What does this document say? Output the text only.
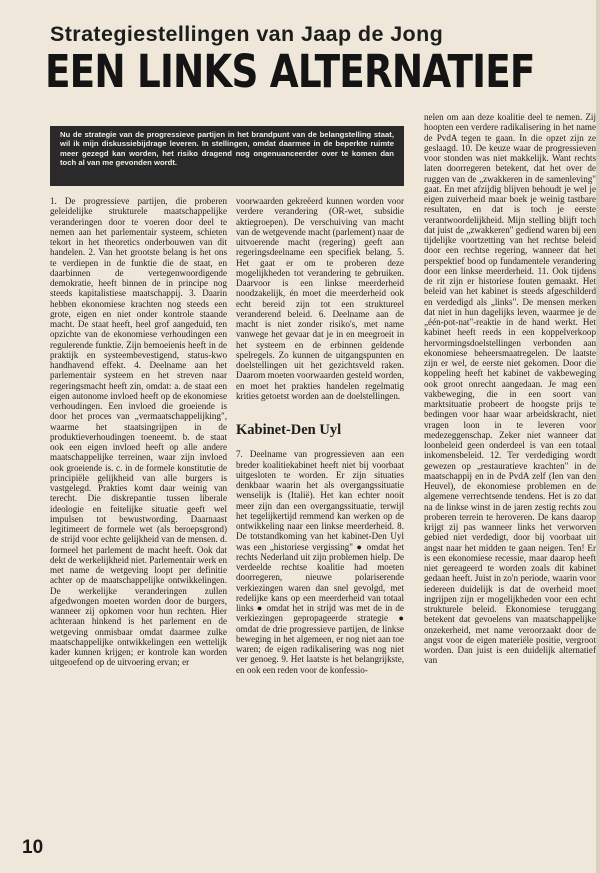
Strategiestellingen van Jaap de Jong
EEN LINKS ALTERNATIEF
Nu de strategie van de progressieve partijen in het brandpunt van de belangstelling staat, wil ik mijn diskussiebijdrage leveren. In stellingen, omdat daarmee in de beperkte ruimte meer gezegd kan worden, het risiko dragend nog ongenuanceerder over te komen dan toch al van me gevonden wordt.

1. De progressieve partijen, die proberen geleidelijke strukturele maatschappelijke veranderingen door te voeren door deel te nemen aan het parlementair systeem, schieten tekort in het theoretics onderbouwen van dit handelen. 2. Van het grootste belang is het ons te verdiepen in de funktie die de staat, en daarbinnen de vertegenwoordigende demokratie, heeft binnen de in principe nog steeds kapitalistiese maatschappij. 3. Daarin hebben ekonomiese krachten nog steeds een grote, eigen en niet onder kontrole staande macht. De staat heeft, heel grof aangeduid, ten opzichte van de ekonomiese verhoudingen een regulerende funktie. Zijn bemoeienis heeft in de praktijk en systeembevestigend, status-kwo handhavend effekt. 4. Deelname aan het parlementair systeem en het streven naar regeringsmacht heeft zin, omdat: a. de staat een eigen autonome invloed heeft op de ekonomiese verhoudingen. Een invloed die groeiende is door het proces van „vermaatschappelijking", waarme het staatsingrijpen in de produktieverhoudingen toeneemt. b. de staat ook een eigen invloed heeft op alle andere maatschappelijke terreinen, waar zijn invloed ook groeiende is. c. in de formele konstitutie de principiële gelijkheid van alle burgers is vastgelegd. Prakties komt daar weinig van terecht. Die diskrepantie tussen liberale ideologie en feitelijke situatie geeft wel impulsen tot bewustwording. Daarnaast legitimeert de formele wet (als beroepsgrond) de strijd voor echte gelijkheid van de mensen. d. formeel het parlement de macht heeft. Ook dat dekt de werkelijkheid niet. Parlementair werk en met name de wetgeving loopt per definitie achter op de maatschappelijke ontwikkelingen. De werkelijke veranderingen zullen afgedwongen moeten worden door de burgers, wanneer zij opkomen voor hun rechten. Hier achteraan hinkend is het parlement en de wetgeving onmisbaar omdat daarmee zulke maatschappelijke ontwikkelingen een wettelijk kader kunnen krijgen; er kontrole kan worden uitgeoefend op de uitvoering ervan; er

voorwaarden gekreëerd kunnen worden voor verdere verandering (OR-wet, subsidie aktiegroepen). De verschuiving van macht van de wetgevende macht (parlement) naar de uitvoerende macht (regering) geeft aan regeringsdeelname een specifiek belang. 5. Het gaat er om te proberen deze mogelijkheden tot verandering te gebruiken. Daarvoor is een linkse meerderheid noodzakelijk, én moet die meerderheid ook echt bereid zijn tot een struktureel veranderend beleid. 6. Deelname aan de macht is niet zonder risiko's, met name vanwege het gevaar dat je in en meegroeit in het systeem en de erbinnen geldende spelregels. Zo kunnen de uitgangspunten en doelstellingen uit het gezichtsveld raken. Daarom moeten voorwaarden gesteld worden, en moet het prakties handelen regelmatig krities getoetst worden aan de doelstellingen.

Kabinet-Den Uyl

7. Deelname van progressieven aan een breder koalitiekabinet heeft niet bij voorbaat uitgesloten te worden. Er zijn situaties denkbaar waarin het als overgangssituatie wenselijk is (Italië). Het kan echter nooit meer zijn dan een overgangssituatie, terwijl het tegelijkertijd remmend kan werken op de ontwikkeling naar een linkse meerderheid. 8. De totstandkoming van het kabinet-Den Uyl was een „historiese vergissing" ● omdat het rechts Nederland uit zijn problemen hielp. De verdeelde rechtse koalitie had moeten doorregeren, nieuwe polariserende verkiezingen waren dan snel gevolgd, met redelijke kans op een meerderheid van totaal links ● omdat het in strijd was met de in de verkiezingen gepropageerde strategie ● omdat de drie progressieve partijen, de linkse beweging in het algemeen, er nog niet aan toe waren; de eigen radikalisering was nog niet ver genoeg. 9. Het laatste is het belangrijkste, en ook een reden voor de konfessio-

nelen om aan deze koalitie deel te nemen. Zij hoopten een verdere radikalisering in het name de PvdA tegen te gaan. In die opzet zijn ze geslaagd. 10. De keuze waar de progressieven voor stonden was niet makkelijk. Want rechts laten doorregeren betekent, dat het over de ruggen van de „zwakkeren in de samenleving" gaat. En met afzijdig blijven behoudt je wel je eigen zuiverheid maar boek je weinig tastbare resultaten, en dat is toch je eerste verantwoordelijkheid. Mijn stelling blijft toch dat juist de „zwakkeren" gediend waren bij een tijdelijke voortzetting van het rechtse beleid door een rechtse regering, wanneer dat het perspektief bood op fundamentele verandering door een linkse meerderheid. 11. Ook tijdens de rit zijn er historiese fouten gemaakt. Het beleid van het kabinet is steeds afgeschilderd en verdedigd als „links". De mensen merken dat niet in hun dagelijks leven, waarmee je de „één-pot-nat"-reaktie in de hand werkt. Het kabinet heeft reeds in een koppelverkoop hervormingsdoelstellingen verbonden aan ekonomiese beheersmaatregelen. De laatste zijn er wel, de eerste niet gekomen. Door die koppeling heeft het kabinet de vakbeweging ook groot onrecht aangedaan. Je mag een vakbeweging, die in een soort van marktsituatie probeert de hoogste prijs te bedingen voor haar waar arbeidskracht, niet vragen loon in te leveren voor medezeggenschap. Zeker niet wanneer dat loonbeleid geen onderdeel is van een totaal inkomensbeleid. 12. Ter verdediging wordt gewezen op „restauratieve krachten" in de maatschappij en in de PvdA zelf (Ien van den Heuvel), de ekonomiese problemen en de algemene verrechtsende tendens. Het is zo dat na de linkse winst in de jaren zestig rechts zou proberen terrein te heroveren. De kans daarop krijgt zij pas wanneer links het verworven gebied niet verdedigt, door bij voorbaat uit angst naar het midden te gaan neigen. Ten! Er is een ekonomiese recessie, maar daarop heeft niet gereageerd te worden zoals dit kabinet gedaan heeft. Juist in zo'n periode, waarin voor iedereen duidelijk is dat de overheid moet ingrijpen zijn er mogelijkheden voor een echt strukturele beleid. Ekonomiese teruggang betekent dat gevoelens van maatschappelijke onzekerheid, met name veroorzaakt door de angst voor de eigen materiële positie, vergroot worden. Dan juist is een duidelijk alternatief van

10
